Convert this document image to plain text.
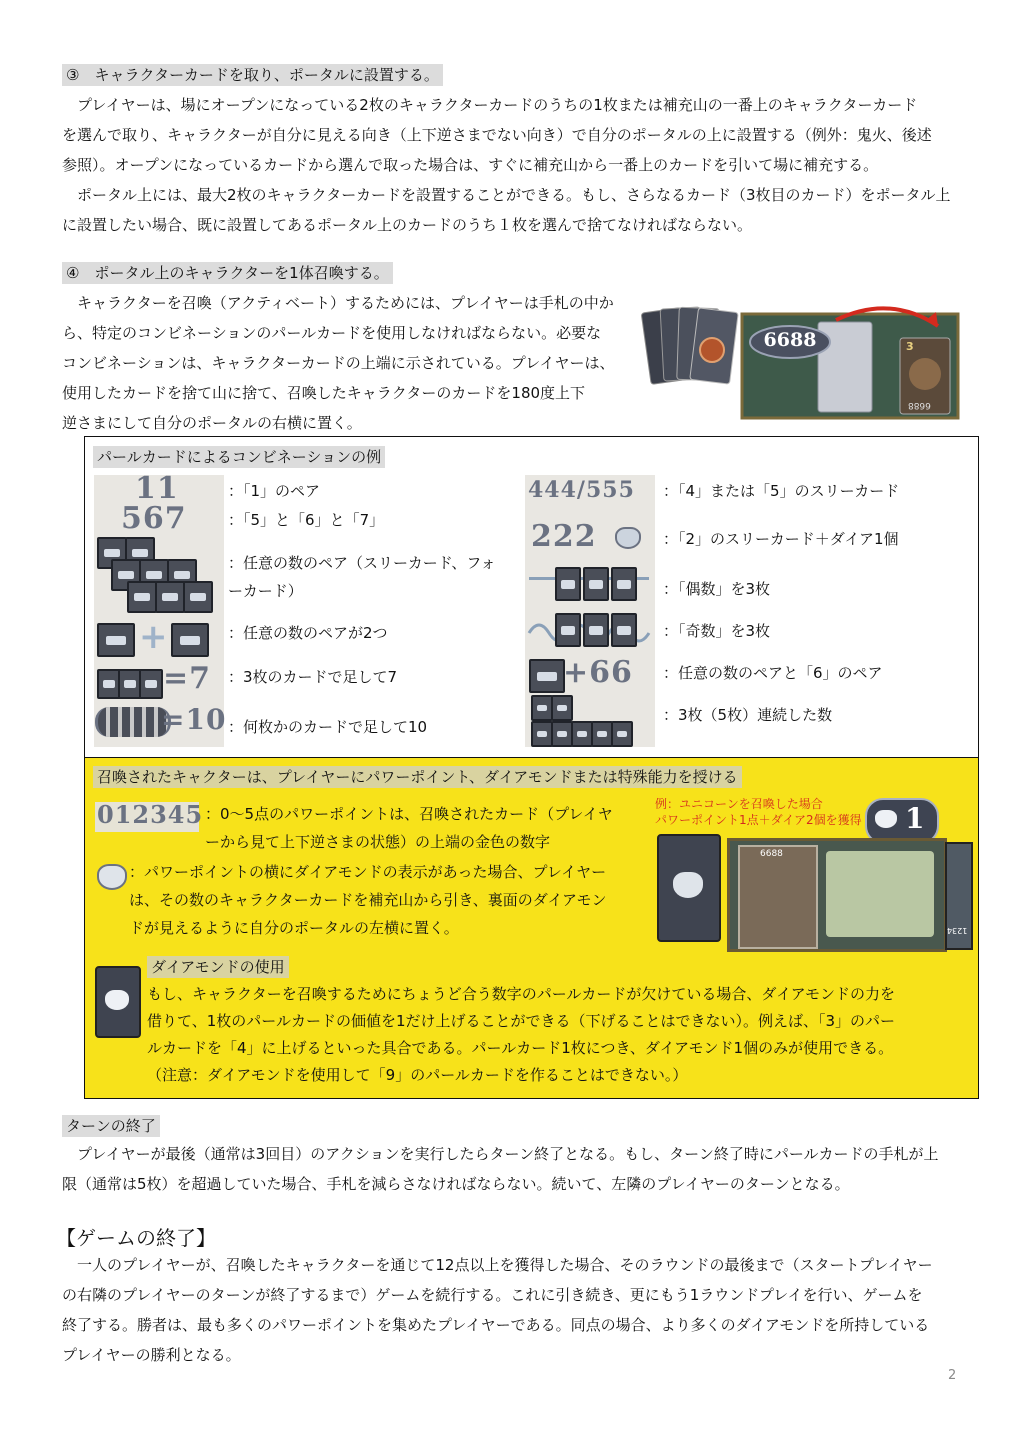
③　キャラクターカードを取り、ポータルに設置する。
プレイヤーは、場にオープンになっている2枚のキャラクターカードのうちの1枚または補充山の一番上のキャラクターカード
を選んで取り、キャラクターが自分に見える向き（上下逆さまでない向き）で自分のポータルの上に設置する（例外：鬼火、後述
参照）。オープンになっているカードから選んで取った場合は、すぐに補充山から一番上のカードを引いて場に補充する。
ポータル上には、最大2枚のキャラクターカードを設置することができる。もし、さらなるカード（3枚目のカード）をポータル上
に設置したい場合、既に設置してあるポータル上のカードのうち１枚を選んで捨てなければならない。
④　ポータル上のキャラクターを1体召喚する。
キャラクターを召喚（アクティベート）するためには、プレイヤーは手札の中か
ら、特定のコンビネーションのパールカードを使用しなければならない。必要な
コンビネーションは、キャラクターカードの上端に示されている。プレイヤーは、
使用したカードを捨て山に捨て、召喚したキャラクターのカードを180度上下
逆さまにして自分のポータルの右横に置く。
6688	3
6688
パールカードによるコンビネーションの例
11
567
+
=7
=10
：「1」のペア
：「5」と「6」と「7」
：任意の数のペア（スリーカード、フォ
ーカード）
：任意の数のペアが2つ
：3枚のカードで足して7
：何枚かのカードで足して10
444/555
222
+66
：「4」または「5」のスリーカード
：「2」のスリーカード＋ダイア1個
：「偶数」を3枚
：「奇数」を3枚
：任意の数のペアと「6」のペア
：3枚（5枚）連続した数
召喚されたキャクターは、プレイヤーにパワーポイント、ダイアモンドまたは特殊能力を授ける
012345 ：0～5点のパワーポイントは、召喚されたカード（プレイヤ
ーから見て上下逆さまの状態）の上端の金色の数字
：パワーポイントの横にダイアモンドの表示があった場合、プレイヤー
は、その数のキャラクターカードを補充山から引き、裏面のダイアモン
ドが見えるように自分のポータルの左横に置く。
例：ユニコーンを召喚した場合
パワーポイント1点＋ダイア2個を獲得 1
6688
1234
ダイアモンドの使用
もし、キャラクターを召喚するためにちょうど合う数字のパールカードが欠けている場合、ダイアモンドの力を
借りて、1枚のパールカードの価値を1だけ上げることができる（下げることはできない）。例えば、「3」のパー
ルカードを「4」に上げるといった具合である。パールカード1枚につき、ダイアモンド1個のみが使用できる。
（注意：ダイアモンドを使用して「9」のパールカードを作ることはできない。）
ターンの終了
プレイヤーが最後（通常は3回目）のアクションを実行したらターン終了となる。もし、ターン終了時にパールカードの手札が上
限（通常は5枚）を超過していた場合、手札を減らさなければならない。続いて、左隣のプレイヤーのターンとなる。
【ゲームの終了】
一人のプレイヤーが、召喚したキャラクターを通じて12点以上を獲得した場合、そのラウンドの最後まで（スタートプレイヤー
の右隣のプレイヤーのターンが終了するまで）ゲームを続行する。これに引き続き、更にもう1ラウンドプレイを行い、ゲームを
終了する。勝者は、最も多くのパワーポイントを集めたプレイヤーである。同点の場合、より多くのダイアモンドを所持している
プレイヤーの勝利となる。
2
